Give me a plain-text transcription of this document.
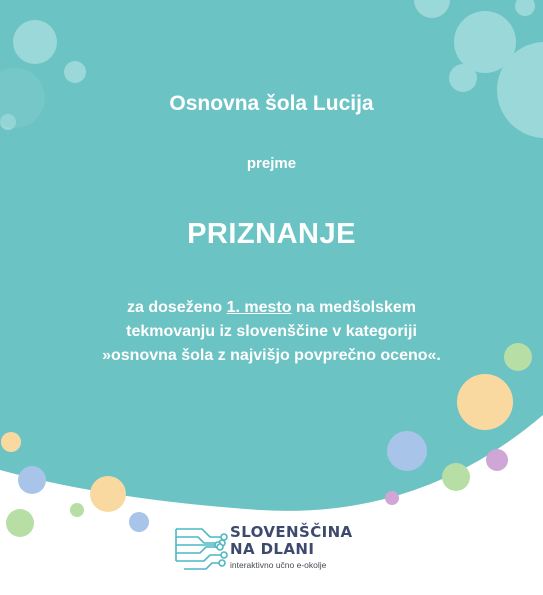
Osnovna šola Lucija
prejme
PRIZNANJE
za doseženo 1. mesto na medšolskem
tekmovanju iz slovenščine v kategoriji
»osnovna šola z najvišjo povprečno oceno«.
SLOVENŠČINA
NA DLANI
interaktivno učno e-okolje
